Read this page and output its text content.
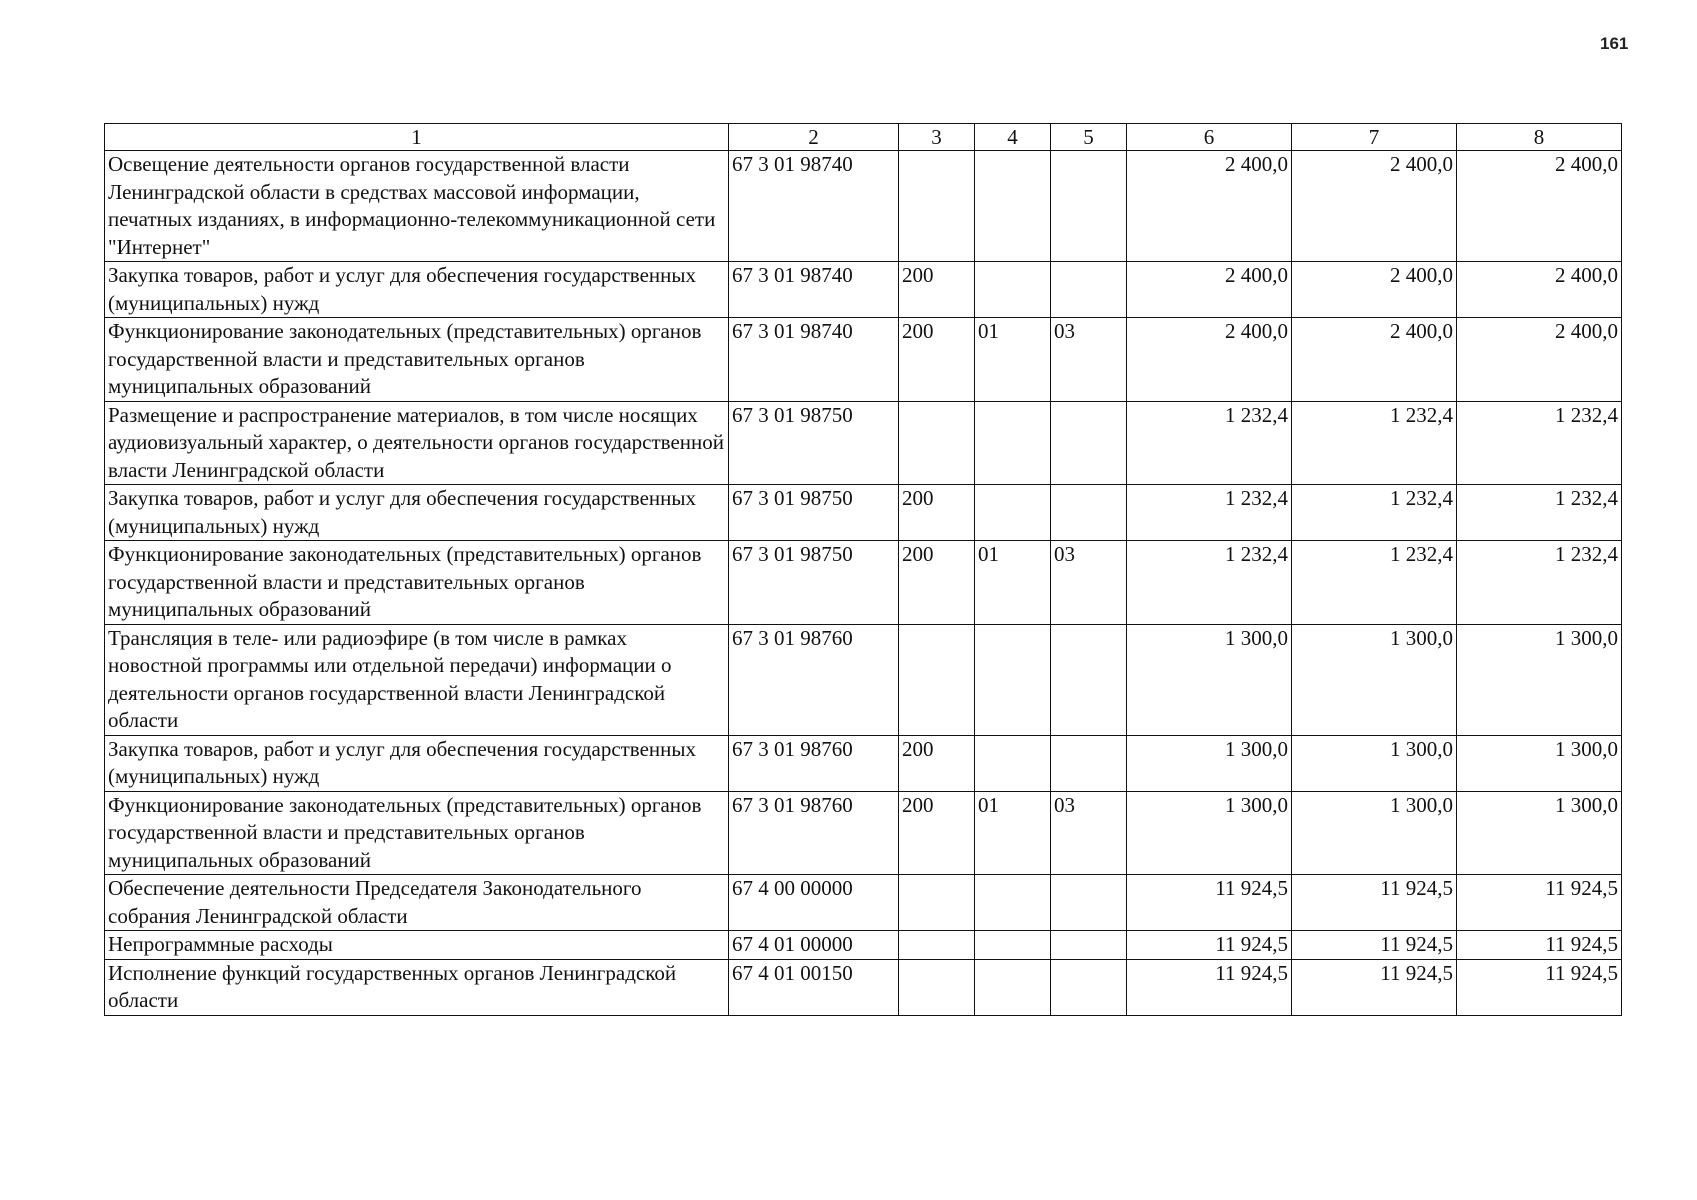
161
1	2	3	4	5	6	7	8
Освещение деятельности органов государственной власти Ленинградской области в средствах массовой информации, печатных изданиях, в информационно-телекоммуникационной сети "Интернет"	67 3 01 98740				2 400,0	2 400,0	2 400,0
Закупка товаров, работ и услуг для обеспечения государственных (муниципальных) нужд	67 3 01 98740	200			2 400,0	2 400,0	2 400,0
Функционирование законодательных (представительных) органов государственной власти и представительных органов муниципальных образований	67 3 01 98740	200	01	03	2 400,0	2 400,0	2 400,0
Размещение и распространение материалов, в том числе носящих аудиовизуальный характер, о деятельности органов государственной власти Ленинградской области	67 3 01 98750				1 232,4	1 232,4	1 232,4
Закупка товаров, работ и услуг для обеспечения государственных (муниципальных) нужд	67 3 01 98750	200			1 232,4	1 232,4	1 232,4
Функционирование законодательных (представительных) органов государственной власти и представительных органов муниципальных образований	67 3 01 98750	200	01	03	1 232,4	1 232,4	1 232,4
Трансляция в теле- или радиоэфире (в том числе в рамках новостной программы или отдельной передачи) информации о деятельности органов государственной власти Ленинградской области	67 3 01 98760				1 300,0	1 300,0	1 300,0
Закупка товаров, работ и услуг для обеспечения государственных (муниципальных) нужд	67 3 01 98760	200			1 300,0	1 300,0	1 300,0
Функционирование законодательных (представительных) органов государственной власти и представительных органов муниципальных образований	67 3 01 98760	200	01	03	1 300,0	1 300,0	1 300,0
Обеспечение деятельности Председателя Законодательного собрания Ленинградской области	67 4 00 00000				11 924,5	11 924,5	11 924,5
Непрограммные расходы	67 4 01 00000				11 924,5	11 924,5	11 924,5
Исполнение функций государственных органов Ленинградской области	67 4 01 00150				11 924,5	11 924,5	11 924,5
